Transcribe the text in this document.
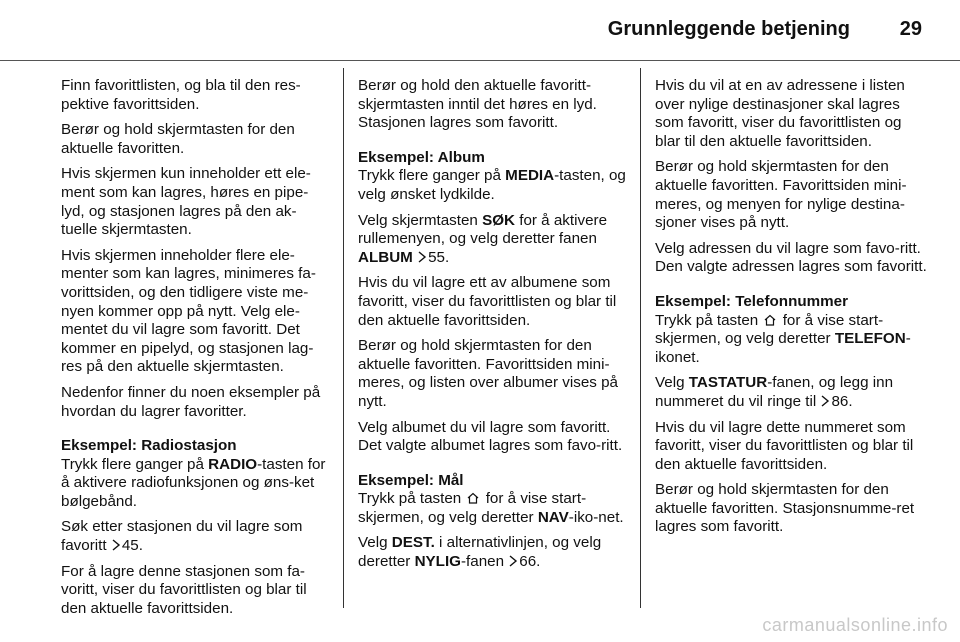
Grunnleggende betjening 29

Finn favorittlisten, og bla til den res-pektive favorittsiden.

Berør og hold skjermtasten for den aktuelle favoritten.

Hvis skjermen kun inneholder ett ele-ment som kan lagres, høres en pipe-lyd, og stasjonen lagres på den ak-tuelle skjermtasten.

Hvis skjermen inneholder flere ele-menter som kan lagres, minimeres fa-vorittsiden, og den tidligere viste me-nyen kommer opp på nytt. Velg ele-mentet du vil lagre som favoritt. Det kommer en pipelyd, og stasjonen lag-res på den aktuelle skjermtasten.

Nedenfor finner du noen eksempler på hvordan du lagrer favoritter.

Eksempel: Radiostasjon

Trykk flere ganger på RADIO-tasten for å aktivere radiofunksjonen og øns-ket bølgebånd.

Søk etter stasjonen du vil lagre som favoritt 45.

For å lagre denne stasjonen som fa-voritt, viser du favorittlisten og blar til den aktuelle favorittsiden.

Berør og hold den aktuelle favoritt-skjermtasten inntil det høres en lyd. Stasjonen lagres som favoritt.

Eksempel: Album

Trykk flere ganger på MEDIA-tasten, og velg ønsket lydkilde.

Velg skjermtasten SØK for å aktivere rullemenyen, og velg deretter fanen ALBUM 55.

Hvis du vil lagre ett av albumene som favoritt, viser du favorittlisten og blar til den aktuelle favorittsiden.

Berør og hold skjermtasten for den aktuelle favoritten. Favorittsiden mini-meres, og listen over albumer vises på nytt.

Velg albumet du vil lagre som favoritt. Det valgte albumet lagres som favo-ritt.

Eksempel: Mål

Trykk på tasten  for å vise start-skjermen, og velg deretter NAV-iko-net.

Velg DEST. i alternativlinjen, og velg deretter NYLIG-fanen 66.

Hvis du vil at en av adressene i listen over nylige destinasjoner skal lagres som favoritt, viser du favorittlisten og blar til den aktuelle favorittsiden.

Berør og hold skjermtasten for den aktuelle favoritten. Favorittsiden mini-meres, og menyen for nylige destina-sjoner vises på nytt.

Velg adressen du vil lagre som favo-ritt. Den valgte adressen lagres som favoritt.

Eksempel: Telefonnummer

Trykk på tasten  for å vise start-skjermen, og velg deretter TELEFON-ikonet.

Velg TASTATUR-fanen, og legg inn nummeret du vil ringe til 86.

Hvis du vil lagre dette nummeret som favoritt, viser du favorittlisten og blar til den aktuelle favorittsiden.

Berør og hold skjermtasten for den aktuelle favoritten. Stasjonsnumme-ret lagres som favoritt.

carmanualsonline.info
